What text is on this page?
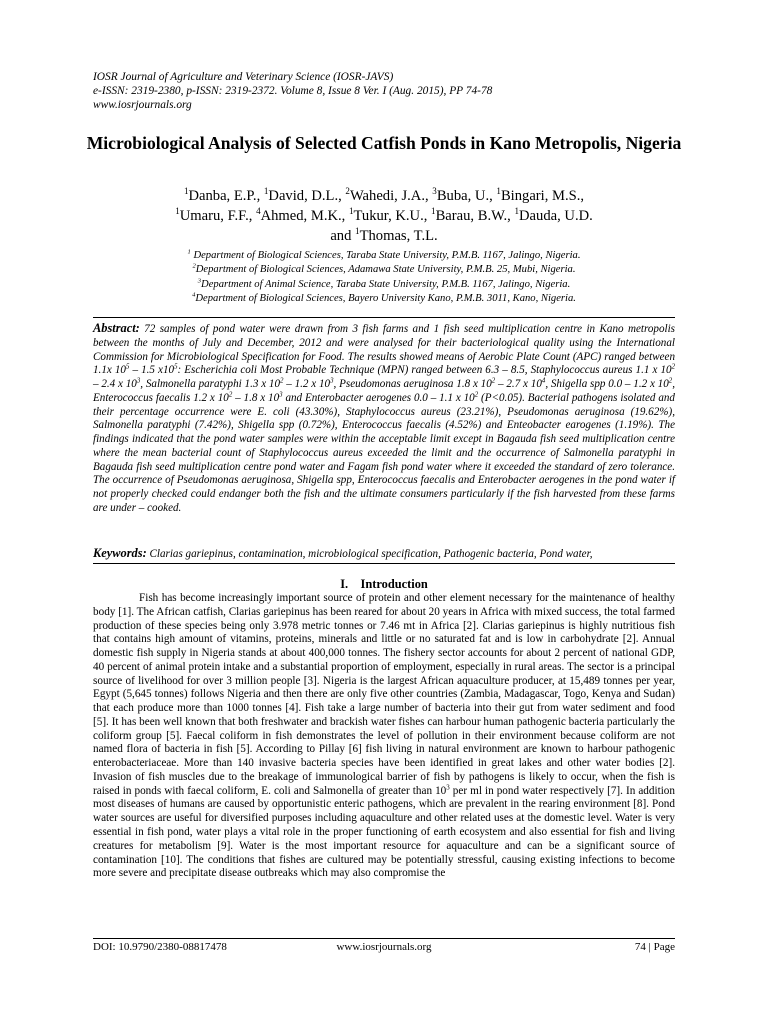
IOSR Journal of Agriculture and Veterinary Science (IOSR-JAVS)
e-ISSN: 2319-2380, p-ISSN: 2319-2372. Volume 8, Issue 8 Ver. I (Aug. 2015), PP 74-78
www.iosrjournals.org
Microbiological Analysis of Selected Catfish Ponds in Kano Metropolis, Nigeria
$^1$Danba, E.P., $^1$David, D.L., $^2$Wahedi, J.A., $^3$Buba, U., $^1$Bingari, M.S.,
$^1$Umaru, F.F., $^4$Ahmed, M.K., $^1$Tukur, K.U., $^1$Barau, B.W., $^1$Dauda, U.D.
and $^1$Thomas, T.L.
$^1$ Department of Biological Sciences, Taraba State University, P.M.B. 1167, Jalingo, Nigeria.
$^2$Department of Biological Sciences, Adamawa State University, P.M.B. 25, Mubi, Nigeria.
$^3$Department of Animal Science, Taraba State University, P.M.B. 1167, Jalingo, Nigeria.
$^4$Department of Biological Sciences, Bayero University Kano, P.M.B. 3011, Kano, Nigeria.
Abstract: 72 samples of pond water were drawn from 3 fish farms and 1 fish seed multiplication centre in Kano metropolis between the months of July and December, 2012 and were analysed for their bacteriological quality using the International Commission for Microbiological Specification for Food. The results showed means of Aerobic Plate Count (APC) ranged between 1.1x $10^5 - 1.5$ $x10^5$: Escherichia coli Most Probable Technique (MPN) ranged between 6.3 – 8.5, Staphylococcus aureus 1.1 x $10^2 - 2.4$ x $10^3$, Salmonella paratyphi 1.3 x $10^2 - 1.2$ x $10^3$, Pseudomonas aeruginosa 1.8 x $10^2 - 2.7$ x $10^4$, Shigella spp 0.0 – 1.2 x $10^2$, Enterococcus faecalis 1.2 x $10^2 - 1.8$ x $10^3$ and Enterobacter aerogenes 0.0 – 1.1 x $10^2$ (P<0.05). Bacterial pathogens isolated and their percentage occurrence were E. coli (43.30%), Staphylococcus aureus (23.21%), Pseudomonas aeruginosa (19.62%), Salmonella paratyphi (7.42%), Shigella spp (0.72%), Enterococcus faecalis (4.52%) and Enteobacter earogenes (1.19%). The findings indicated that the pond water samples were within the acceptable limit except in Bagauda fish seed multiplication centre where the mean bacterial count of Staphylococcus aureus exceeded the limit and the occurrence of Salmonella paratyphi in Bagauda fish seed multiplication centre pond water and Fagam fish pond water where it exceeded the standard of zero tolerance. The occurrence of Pseudomonas aeruginosa, Shigella spp, Enterococcus faecalis and Enterobacter aerogenes in the pond water if not properly checked could endanger both the fish and the ultimate consumers particularly if the fish harvested from these farms are under – cooked.
Keywords: Clarias gariepinus, contamination, microbiological specification, Pathogenic bacteria, Pond water,
I. Introduction
Fish has become increasingly important source of protein and other element necessary for the maintenance of healthy body [1]. The African catfish, Clarias gariepinus has been reared for about 20 years in Africa with mixed success, the total farmed production of these species being only 3.978 metric tonnes or 7.46 mt in Africa [2]. Clarias gariepinus is highly nutritious fish that contains high amount of vitamins, proteins, minerals and little or no saturated fat and is low in carbohydrate [2]. Annual domestic fish supply in Nigeria stands at about 400,000 tonnes. The fishery sector accounts for about 2 percent of national GDP, 40 percent of animal protein intake and a substantial proportion of employment, especially in rural areas. The sector is a principal source of livelihood for over 3 million people [3]. Nigeria is the largest African aquaculture producer, at 15,489 tonnes per year, Egypt (5,645 tonnes) follows Nigeria and then there are only five other countries (Zambia, Madagascar, Togo, Kenya and Sudan) that each produce more than 1000 tonnes [4]. Fish take a large number of bacteria into their gut from water sediment and food [5]. It has been well known that both freshwater and brackish water fishes can harbour human pathogenic bacteria particularly the coliform group [5]. Faecal coliform in fish demonstrates the level of pollution in their environment because coliform are not named flora of bacteria in fish [5]. According to Pillay [6] fish living in natural environment are known to harbour pathogenic enterobacteriaceae. More than 140 invasive bacteria species have been identified in great lakes and other water bodies [2]. Invasion of fish muscles due to the breakage of immunological barrier of fish by pathogens is likely to occur, when the fish is raised in ponds with faecal coliform, E. coli and Salmonella of greater than $10^3$ per ml in pond water respectively [7]. In addition most diseases of humans are caused by opportunistic enteric pathogens, which are prevalent in the rearing environment [8]. Pond water sources are useful for diversified purposes including aquaculture and other related uses at the domestic level. Water is very essential in fish pond, water plays a vital role in the proper functioning of earth ecosystem and also essential for fish and living creatures for metabolism [9]. Water is the most important resource for aquaculture and can be a significant source of contamination [10]. The conditions that fishes are cultured may be potentially stressful, causing existing infections to become more severe and precipitate disease outbreaks which may also compromise the
DOI: 10.9790/2380-08817478	www.iosrjournals.org	74 | Page
